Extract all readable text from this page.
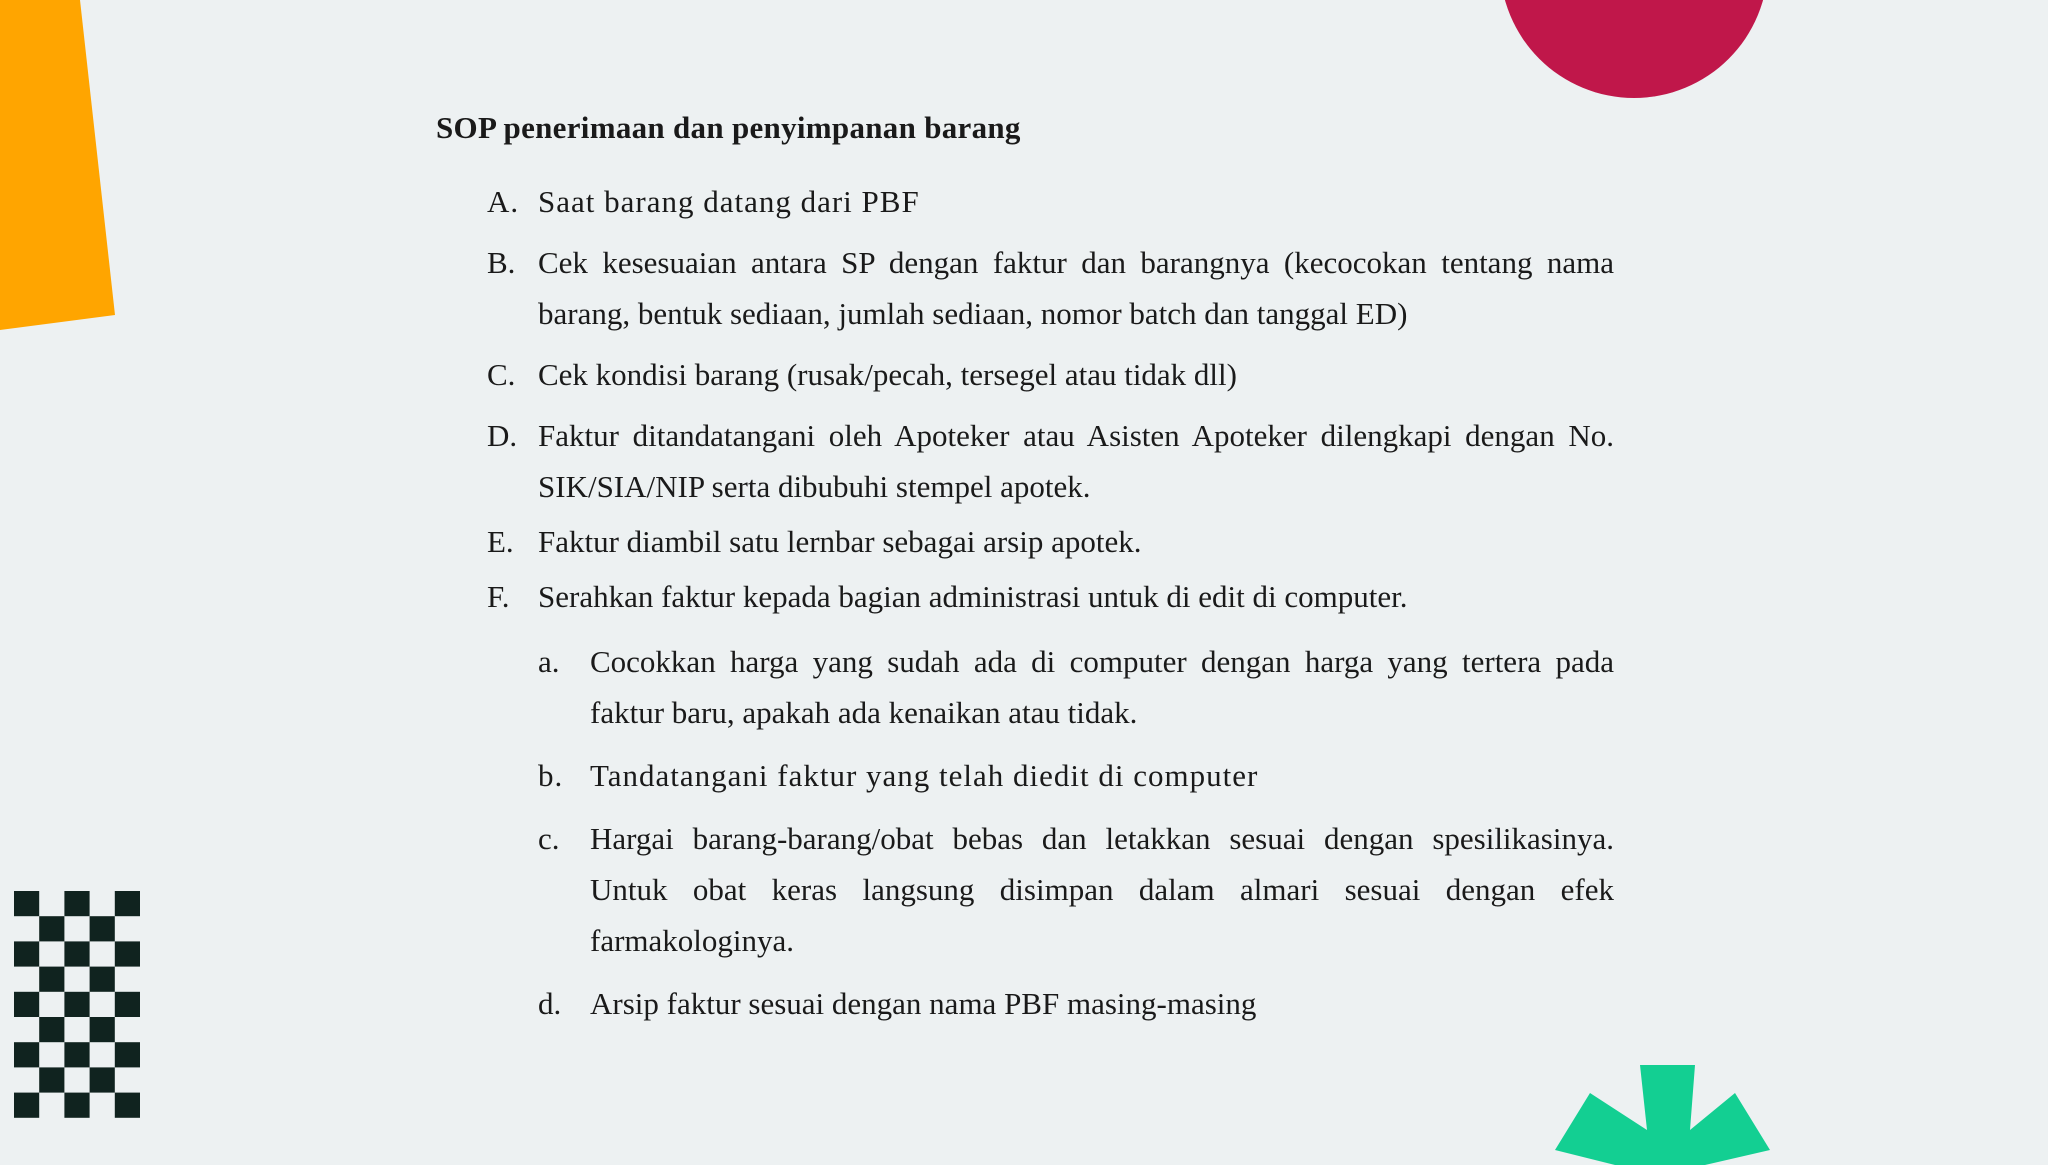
SOP penerimaan dan penyimpanan barang
A. Saat barang datang dari PBF
B. Cek kesesuaian antara SP dengan faktur dan barangnya (kecocokan tentang nama barang, bentuk sediaan, jumlah sediaan, nomor batch dan tanggal ED)
C. Cek kondisi barang (rusak/pecah, tersegel atau tidak dll)
D. Faktur ditandatangani oleh Apoteker atau Asisten Apoteker dilengkapi dengan No. SIK/SIA/NIP serta dibubuhi stempel apotek.
E. Faktur diambil satu lernbar sebagai arsip apotek.
F. Serahkan faktur kepada bagian administrasi untuk di edit di computer.
a. Cocokkan harga yang sudah ada di computer dengan harga yang tertera pada faktur baru, apakah ada kenaikan atau tidak.
b. Tandatangani faktur yang telah diedit di computer
c. Hargai barang-barang/obat bebas dan letakkan sesuai dengan spesilikasinya. Untuk obat keras langsung disimpan dalam almari sesuai dengan efek farmakologinya.
d. Arsip faktur sesuai dengan nama PBF masing-masing
